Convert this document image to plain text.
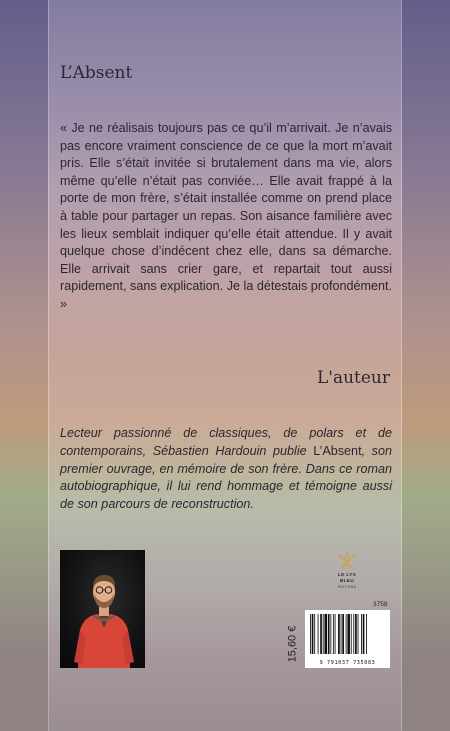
L’Absent
« Je ne réalisais toujours pas ce qu’il m’arrivait. Je n’avais pas encore vraiment conscience de ce que la mort m’avait pris. Elle s’était invitée si brutalement dans ma vie, alors même qu’elle n’était pas conviée… Elle avait frappé à la porte de mon frère, s’était installée comme on prend place à table pour partager un repas. Son aisance familière avec les lieux semblait indiquer qu’elle était attendue. Il y avait quelque chose d’indécent chez elle, dans sa démarche. Elle arrivait sans crier gare, et repartait tout aussi rapidement, sans explication. Je la détestais profondément. »
L'auteur
Lecteur passionné de classiques, de polars et de contemporains, Sébastien Hardouin publie L’Absent, son premier ouvrage, en mémoire de son frère. Dans ce roman autobiographique, il lui rend hommage et témoigne aussi de son parcours de reconstruction.
LE LYS BLEU
ÉDITIONS
3758
15,60 €
9 791037 735083
